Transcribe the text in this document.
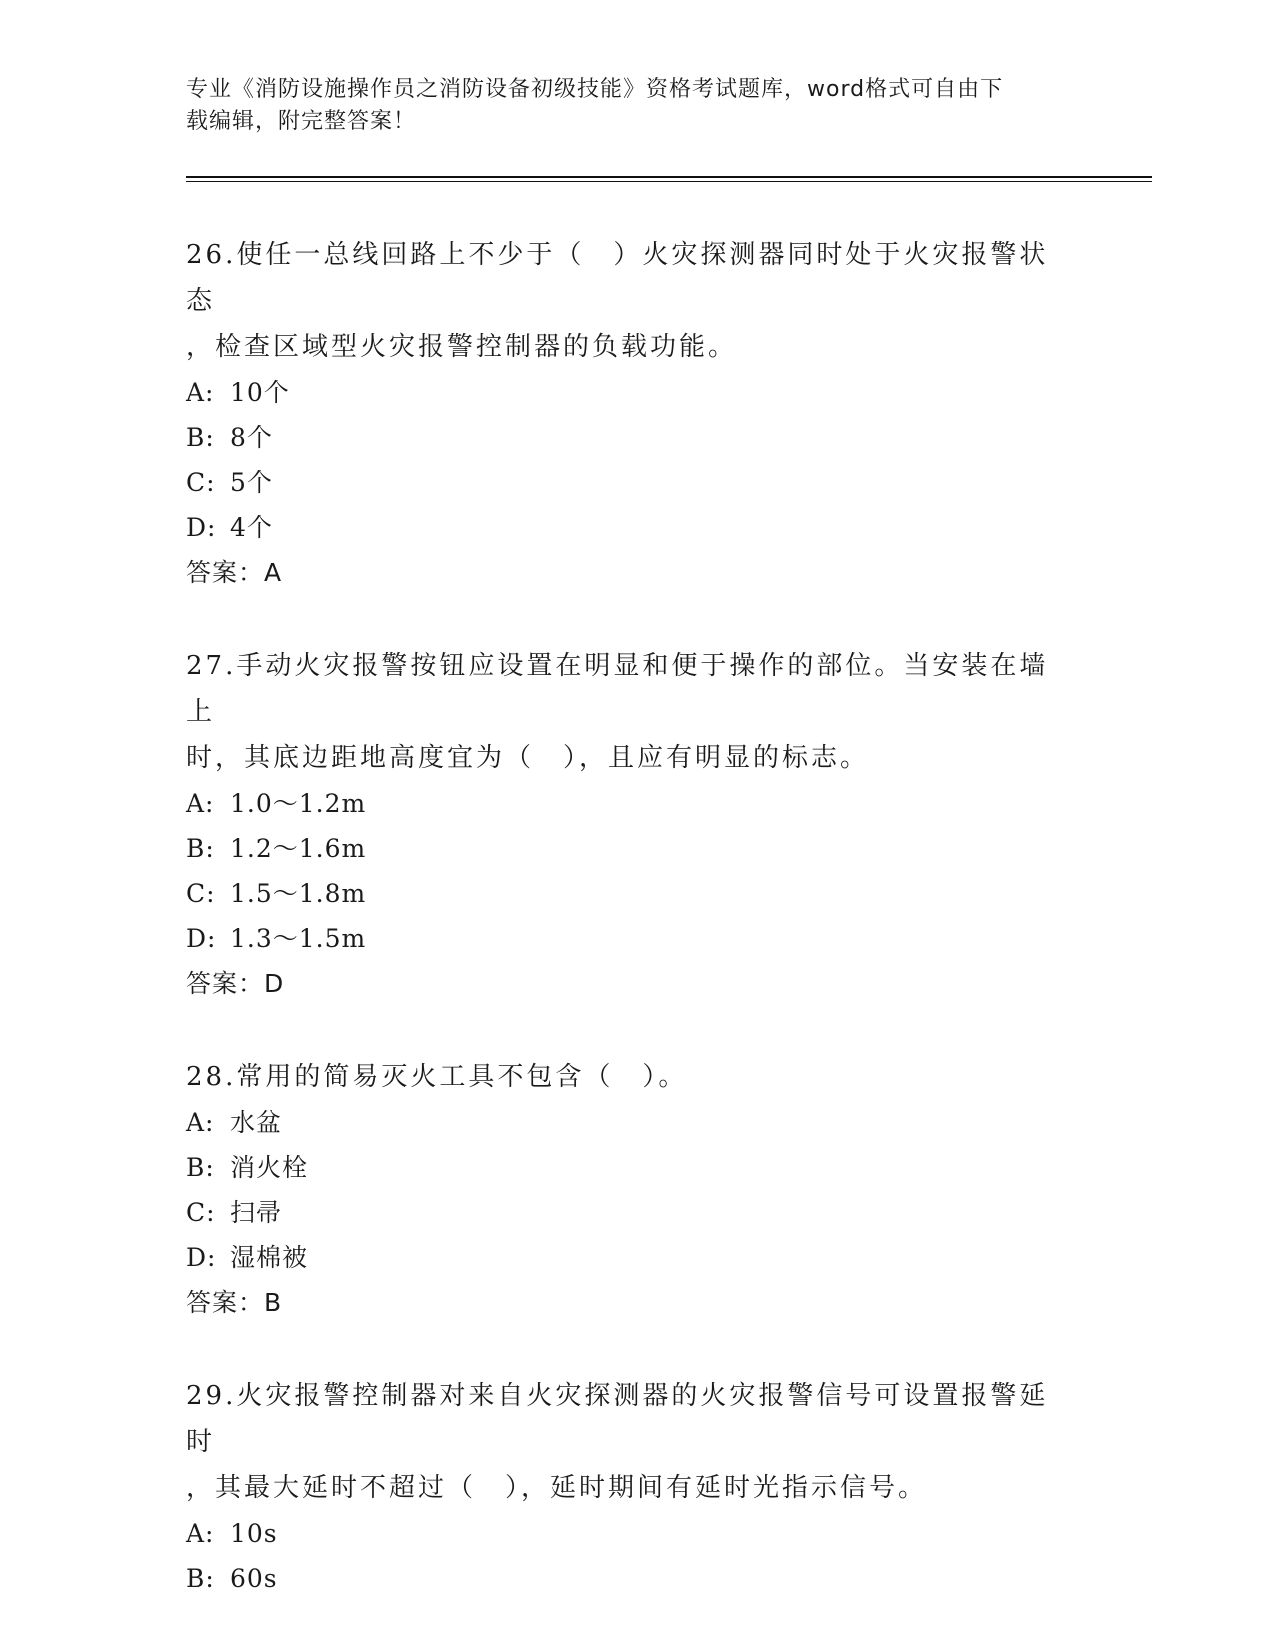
专业《消防设施操作员之消防设备初级技能》资格考试题库，word格式可自由下
载编辑，附完整答案！
26.使任一总线回路上不少于（　）火灾探测器同时处于火灾报警状态
，检查区域型火灾报警控制器的负载功能。
A: 10个
B: 8个
C: 5个
D: 4个
答案：A
27.手动火灾报警按钮应设置在明显和便于操作的部位。当安装在墙上
时，其底边距地高度宜为（　），且应有明显的标志。
A: 1.0～1.2m
B: 1.2～1.6m
C: 1.5～1.8m
D: 1.3～1.5m
答案：D
28.常用的简易灭火工具不包含（　）。
A: 水盆
B: 消火栓
C: 扫帚
D: 湿棉被
答案：B
29.火灾报警控制器对来自火灾探测器的火灾报警信号可设置报警延时
，其最大延时不超过（　），延时期间有延时光指示信号。
A: 10s
B: 60s
